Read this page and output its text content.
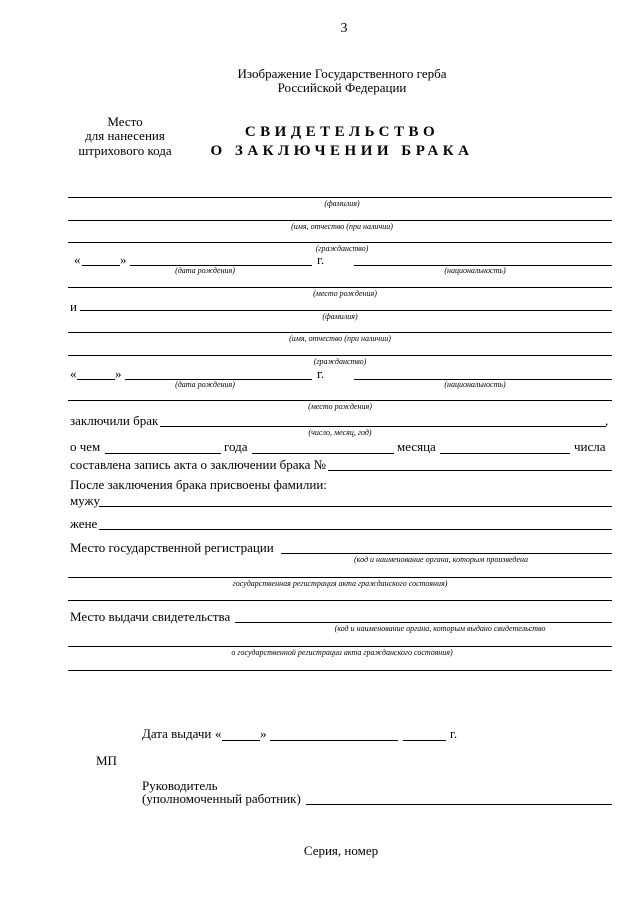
3
Изображение Государственного герба
Российской Федерации
Место
для нанесения
штрихового кода
СВИДЕТЕЛЬСТВО
О ЗАКЛЮЧЕНИИ БРАКА
(фамилия)
(имя, отчество (при наличии)
(гражданство)
«	»	г.
(дата рождения)	(национальность)
(место рождения)
и
(фамилия)
(имя, отчество (при наличии)
(гражданство)
«	»	г.
(дата рождения)	(национальность)
(место рождения)
заключили брак	,
(число, месяц, год)
о чем	года	месяца	числа
составлена запись акта о заключении брака №
После заключения брака присвоены фамилии:
мужу
жене
Место государственной регистрации
(код и наименование органа, которым произведена
государственная регистрация акта гражданского состояния)
Место выдачи свидетельства
(код и наименование органа, которым выдано свидетельство
о государственной регистрации акта гражданского состояния)
Дата выдачи «	»	г.
МП
Руководитель
(уполномоченный работник)
Серия, номер
